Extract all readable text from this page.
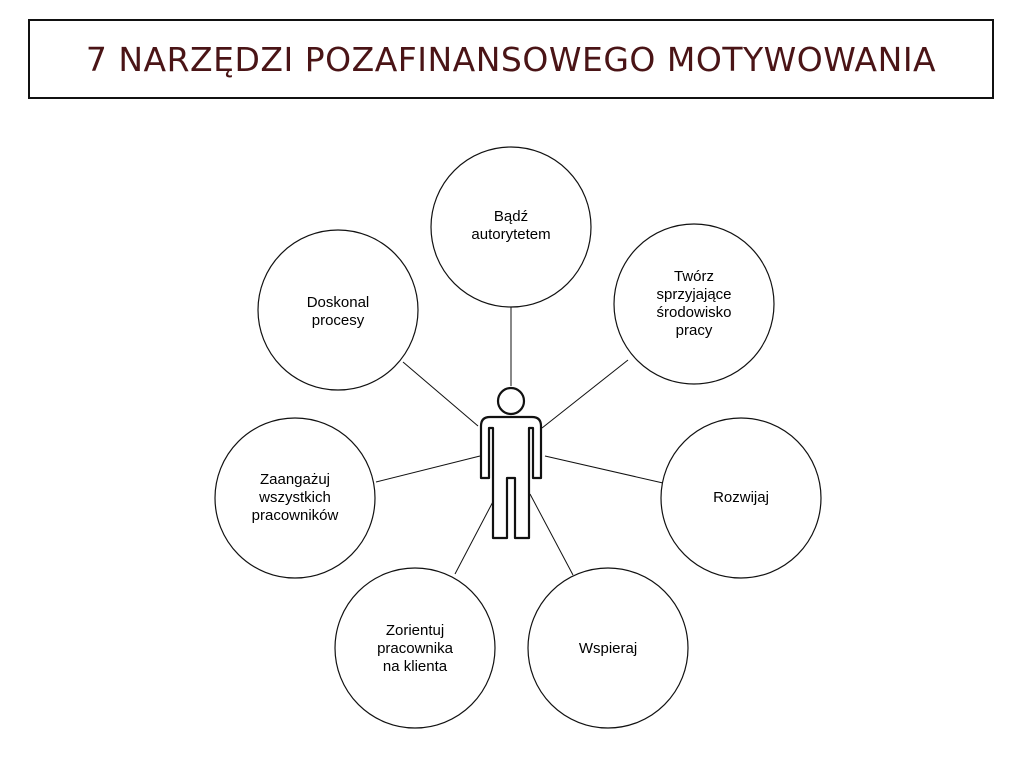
7 NARZĘDZI POZAFINANSOWEGO MOTYWOWANIA
Bądź
autorytetem
Twórz
sprzyjające
środowisko
pracy
Rozwijaj
Wspieraj
Zorientuj
pracownika
na klienta
Zaangażuj
wszystkich
pracowników
Doskonal
procesy
